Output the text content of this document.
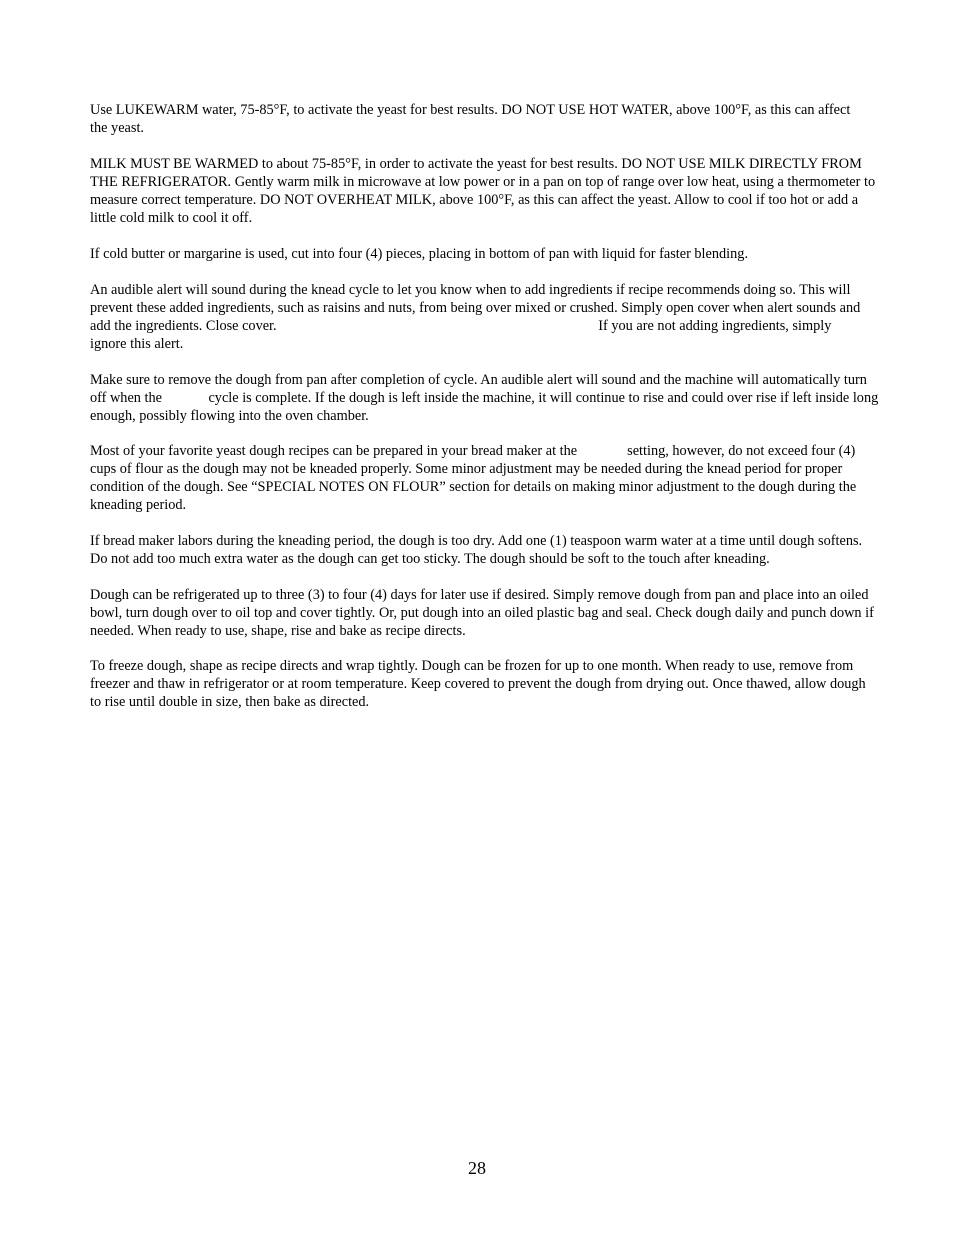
Use LUKEWARM water, 75-85°F, to activate the yeast for best results. DO NOT USE HOT WATER, above 100°F, as this can affect
the yeast.

MILK MUST BE WARMED to about 75-85°F, in order to activate the yeast for best results. DO NOT USE MILK DIRECTLY FROM
THE REFRIGERATOR. Gently warm milk in microwave at low power or in a pan on top of range over low heat, using a thermometer to
measure correct temperature. DO NOT OVERHEAT MILK, above 100°F, as this can affect the yeast. Allow to cool if too hot or add a
little cold milk to cool it off.

If cold butter or margarine is used, cut into four (4) pieces, placing in bottom of pan with liquid for faster blending.

An audible alert will sound during the knead cycle to let you know when to add ingredients if recipe recommends doing so. This will
prevent these added ingredients, such as raisins and nuts, from being over mixed or crushed. Simply open cover when alert sounds and
add the ingredients. Close cover.                                                                                          If you are not adding ingredients, simply
ignore this alert.

Make sure to remove the dough from pan after completion of cycle. An audible alert will sound and the machine will automatically turn
off when the             cycle is complete. If the dough is left inside the machine, it will continue to rise and could over rise if left inside long
enough, possibly flowing into the oven chamber.

Most of your favorite yeast dough recipes can be prepared in your bread maker at the              setting, however, do not exceed four (4)
cups of flour as the dough may not be kneaded properly. Some minor adjustment may be needed during the knead period for proper
condition of the dough. See “SPECIAL NOTES ON FLOUR” section for details on making minor adjustment to the dough during the
kneading period.

If bread maker labors during the kneading period, the dough is too dry. Add one (1) teaspoon warm water at a time until dough softens.
Do not add too much extra water as the dough can get too sticky. The dough should be soft to the touch after kneading.

Dough can be refrigerated up to three (3) to four (4) days for later use if desired. Simply remove dough from pan and place into an oiled
bowl, turn dough over to oil top and cover tightly. Or, put dough into an oiled plastic bag and seal. Check dough daily and punch down if
needed. When ready to use, shape, rise and bake as recipe directs.

To freeze dough, shape as recipe directs and wrap tightly. Dough can be frozen for up to one month. When ready to use, remove from
freezer and thaw in refrigerator or at room temperature. Keep covered to prevent the dough from drying out. Once thawed, allow dough
to rise until double in size, then bake as directed.

28
